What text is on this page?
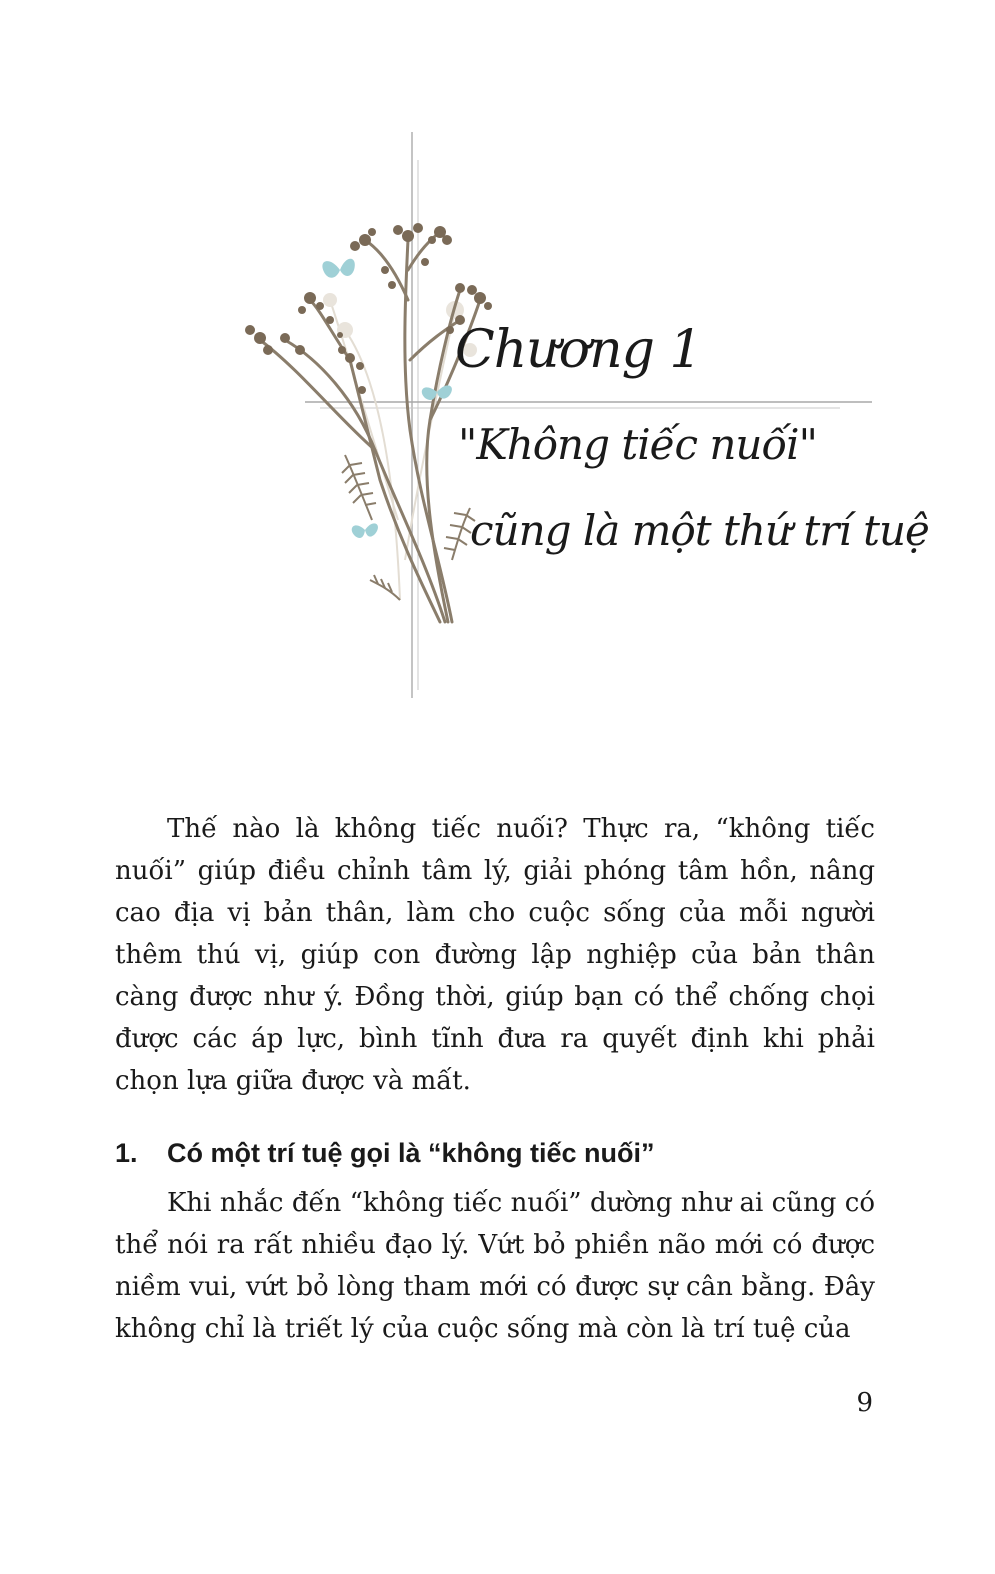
Chương 1
"Không tiếc nuối"
cũng là một thứ trí tuệ

Thế nào là không tiếc nuối? Thực ra, “không tiếc nuối” giúp điều chỉnh tâm lý, giải phóng tâm hồn, nâng cao địa vị bản thân, làm cho cuộc sống của mỗi người thêm thú vị, giúp con đường lập nghiệp của bản thân càng được như ý. Đồng thời, giúp bạn có thể chống chọi được các áp lực, bình tĩnh đưa ra quyết định khi phải chọn lựa giữa được và mất.

1. Có một trí tuệ gọi là “không tiếc nuối”

Khi nhắc đến “không tiếc nuối” dường như ai cũng có thể nói ra rất nhiều đạo lý. Vứt bỏ phiền não mới có được niềm vui, vứt bỏ lòng tham mới có được sự cân bằng. Đây không chỉ là triết lý của cuộc sống mà còn là trí tuệ của

9
